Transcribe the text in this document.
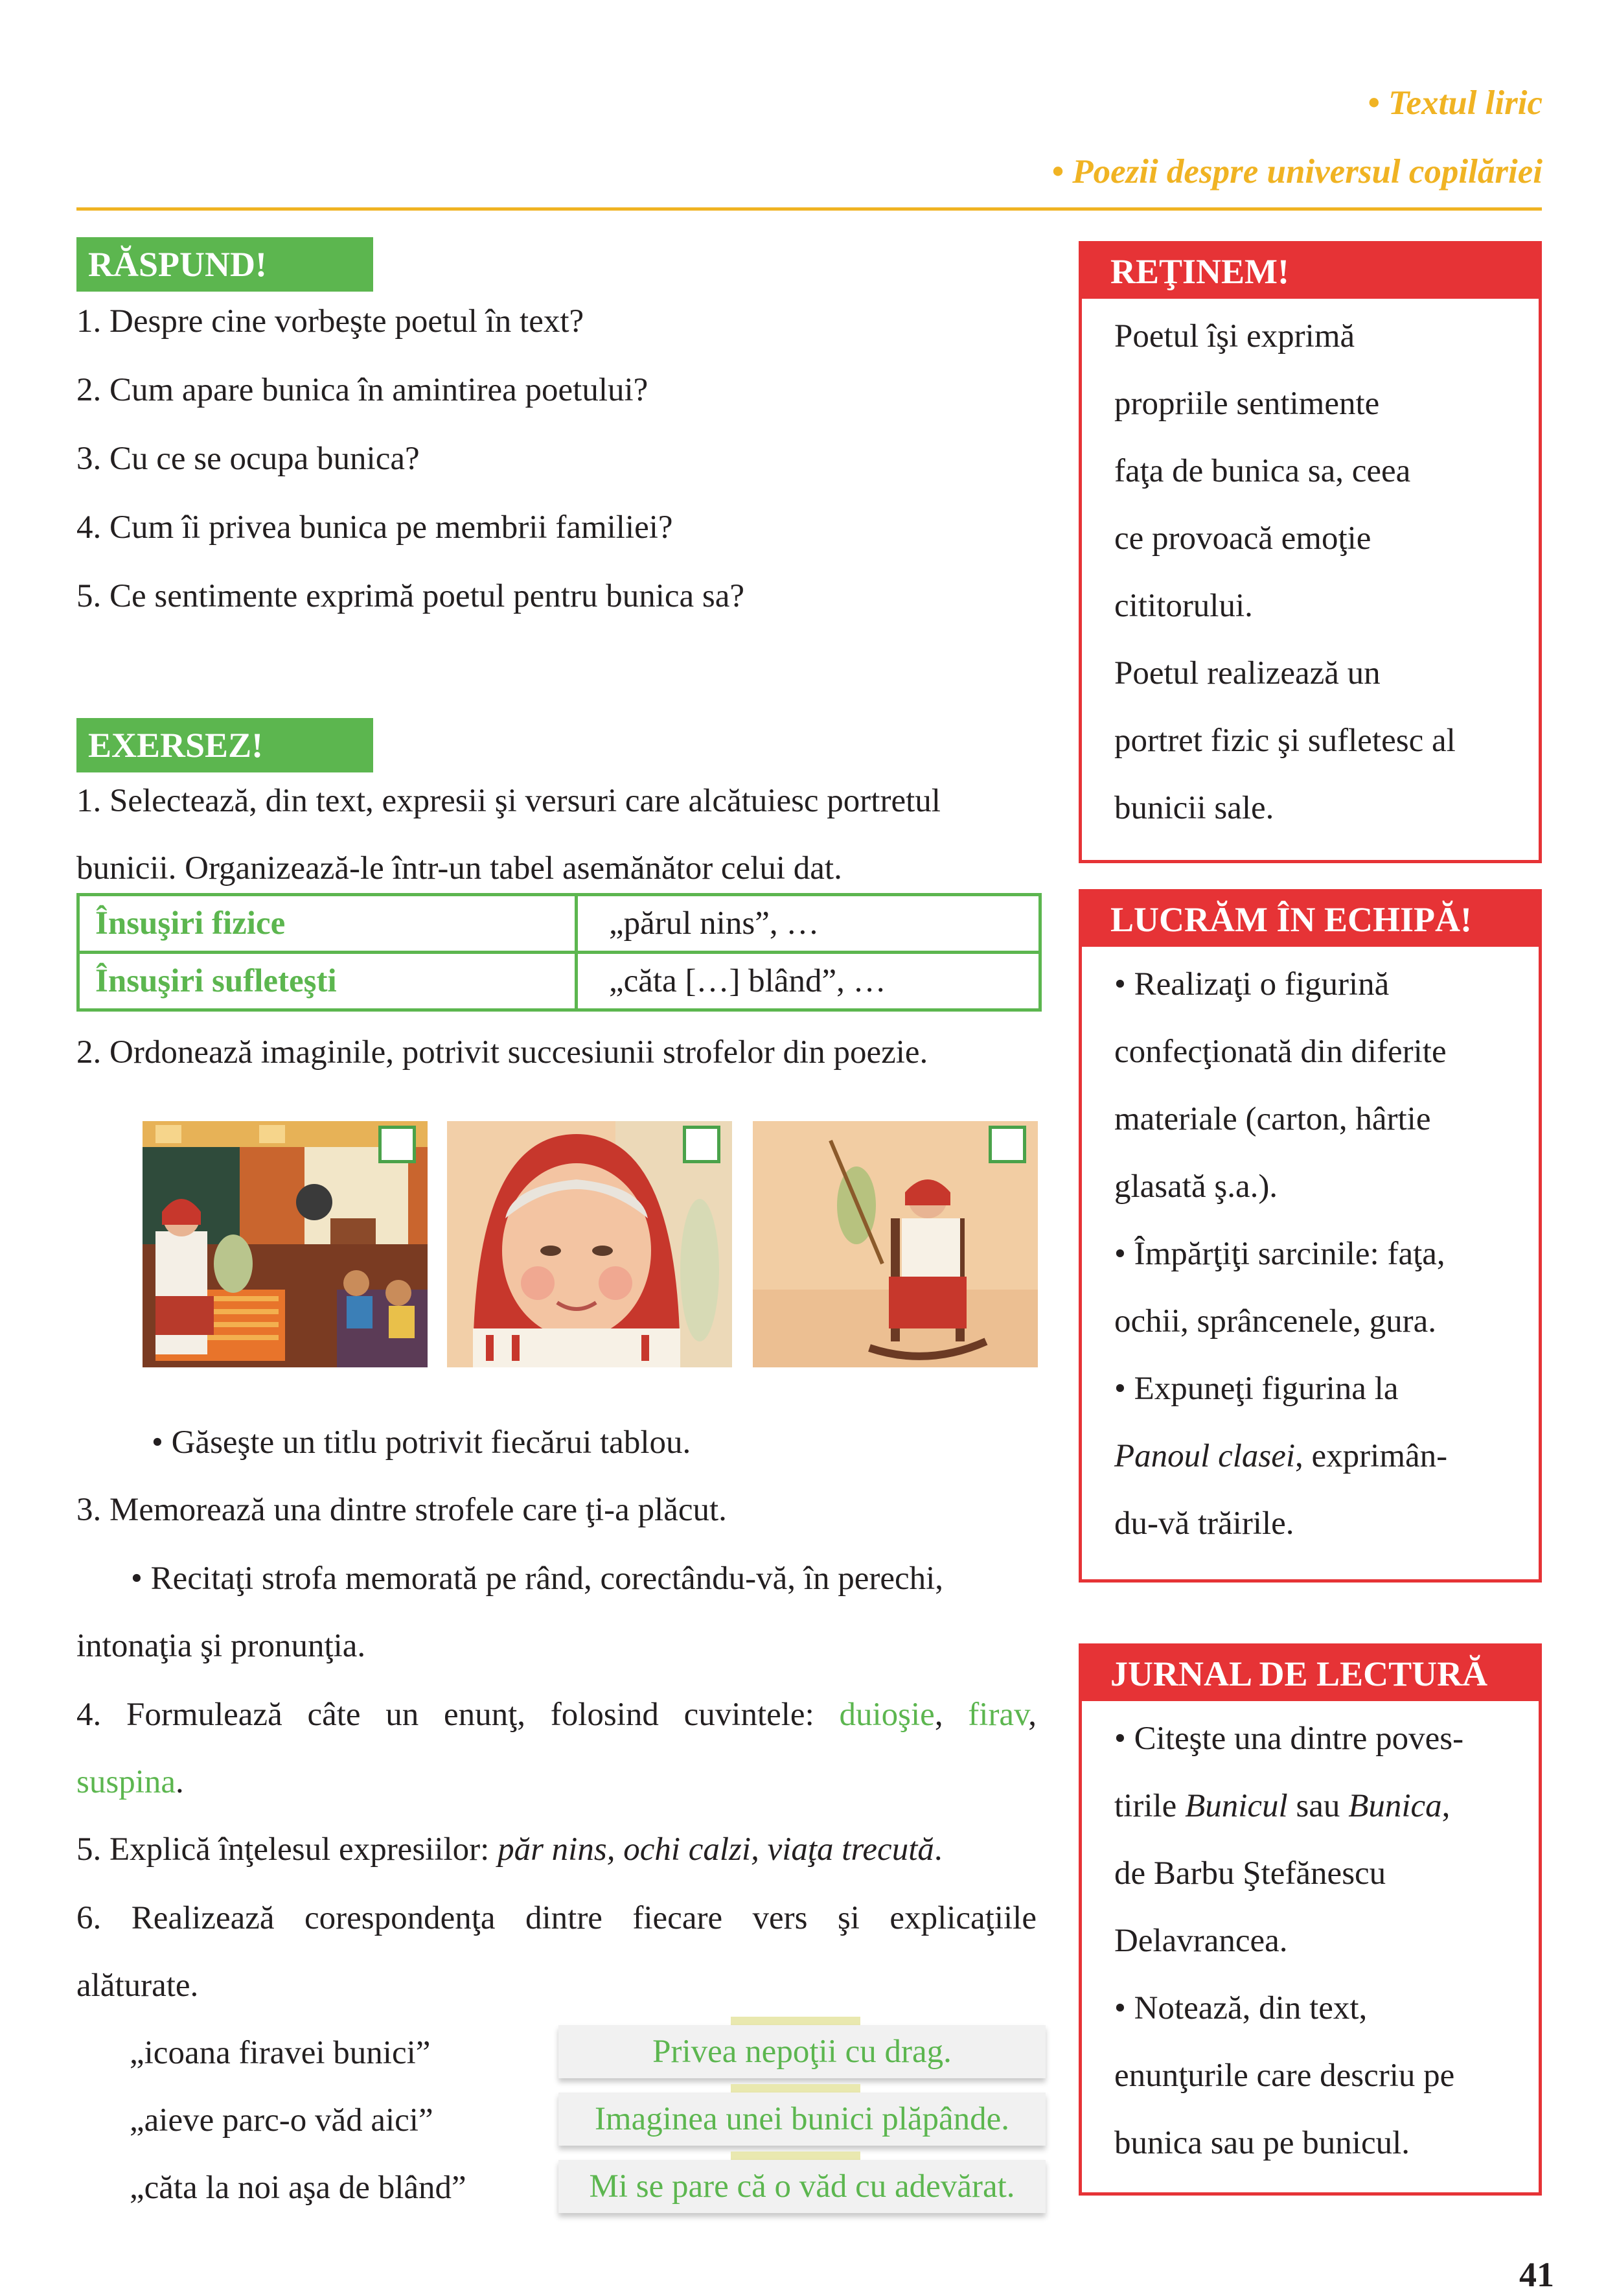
• Textul liric
• Poezii despre universul copilăriei
RĂSPUND!
1. Despre cine vorbeşte poetul în text?
2. Cum apare bunica în amintirea poetului?
3. Cu ce se ocupa bunica?
4. Cum îi privea bunica pe membrii familiei?
5. Ce sentimente exprimă poetul pentru bunica sa?
EXERSEZ!
1. Selectează, din text, expresii şi versuri care alcătuiesc portretul
bunicii. Organizează-le într-un tabel asemănător celui dat.
Însuşiri fizice	„părul nins”, …
Însuşiri sufleteşti	„căta […] blând”, …
2. Ordonează imaginile, potrivit succesiunii strofelor din poezie.
• Găseşte un titlu potrivit fiecărui tablou.
3. Memorează una dintre strofele care ţi-a plăcut.
• Recitaţi strofa memorată pe rând, corectându-vă, în perechi,
intonaţia şi pronunţia.
4. Formulează câte un enunţ, folosind cuvintele: duioşie, firav,
suspina.
5. Explică înţelesul expresiilor: păr nins, ochi calzi, viaţa trecută.
6. Realizează corespondenţa dintre fiecare vers şi explicaţiile
alăturate.
„icoana firavei bunici”
„aieve parc-o văd aici”
„căta la noi aşa de blând”
Privea nepoţii cu drag.
Imaginea unei bunici plăpânde.
Mi se pare că o văd cu adevărat.
REŢINEM!
Poetul îşi exprimă
propriile sentimente
faţa de bunica sa, ceea
ce provoacă emoţie
cititorului.
Poetul realizează un
portret fizic şi sufletesc al
bunicii sale.
LUCRĂM ÎN ECHIPĂ!
• Realizaţi o figurină
confecţionată din diferite
materiale (carton, hârtie
glasată ş.a.).
• Împărţiţi sarcinile: faţa,
ochii, sprâncenele, gura.
• Expuneţi figurina la
Panoul clasei, exprimân-
du-vă trăirile.
JURNAL DE LECTURĂ
• Citeşte una dintre poves-
tirile Bunicul sau Bunica,
de Barbu Ştefănescu
Delavrancea.
• Notează, din text,
enunţurile care descriu pe
bunica sau pe bunicul.
41
